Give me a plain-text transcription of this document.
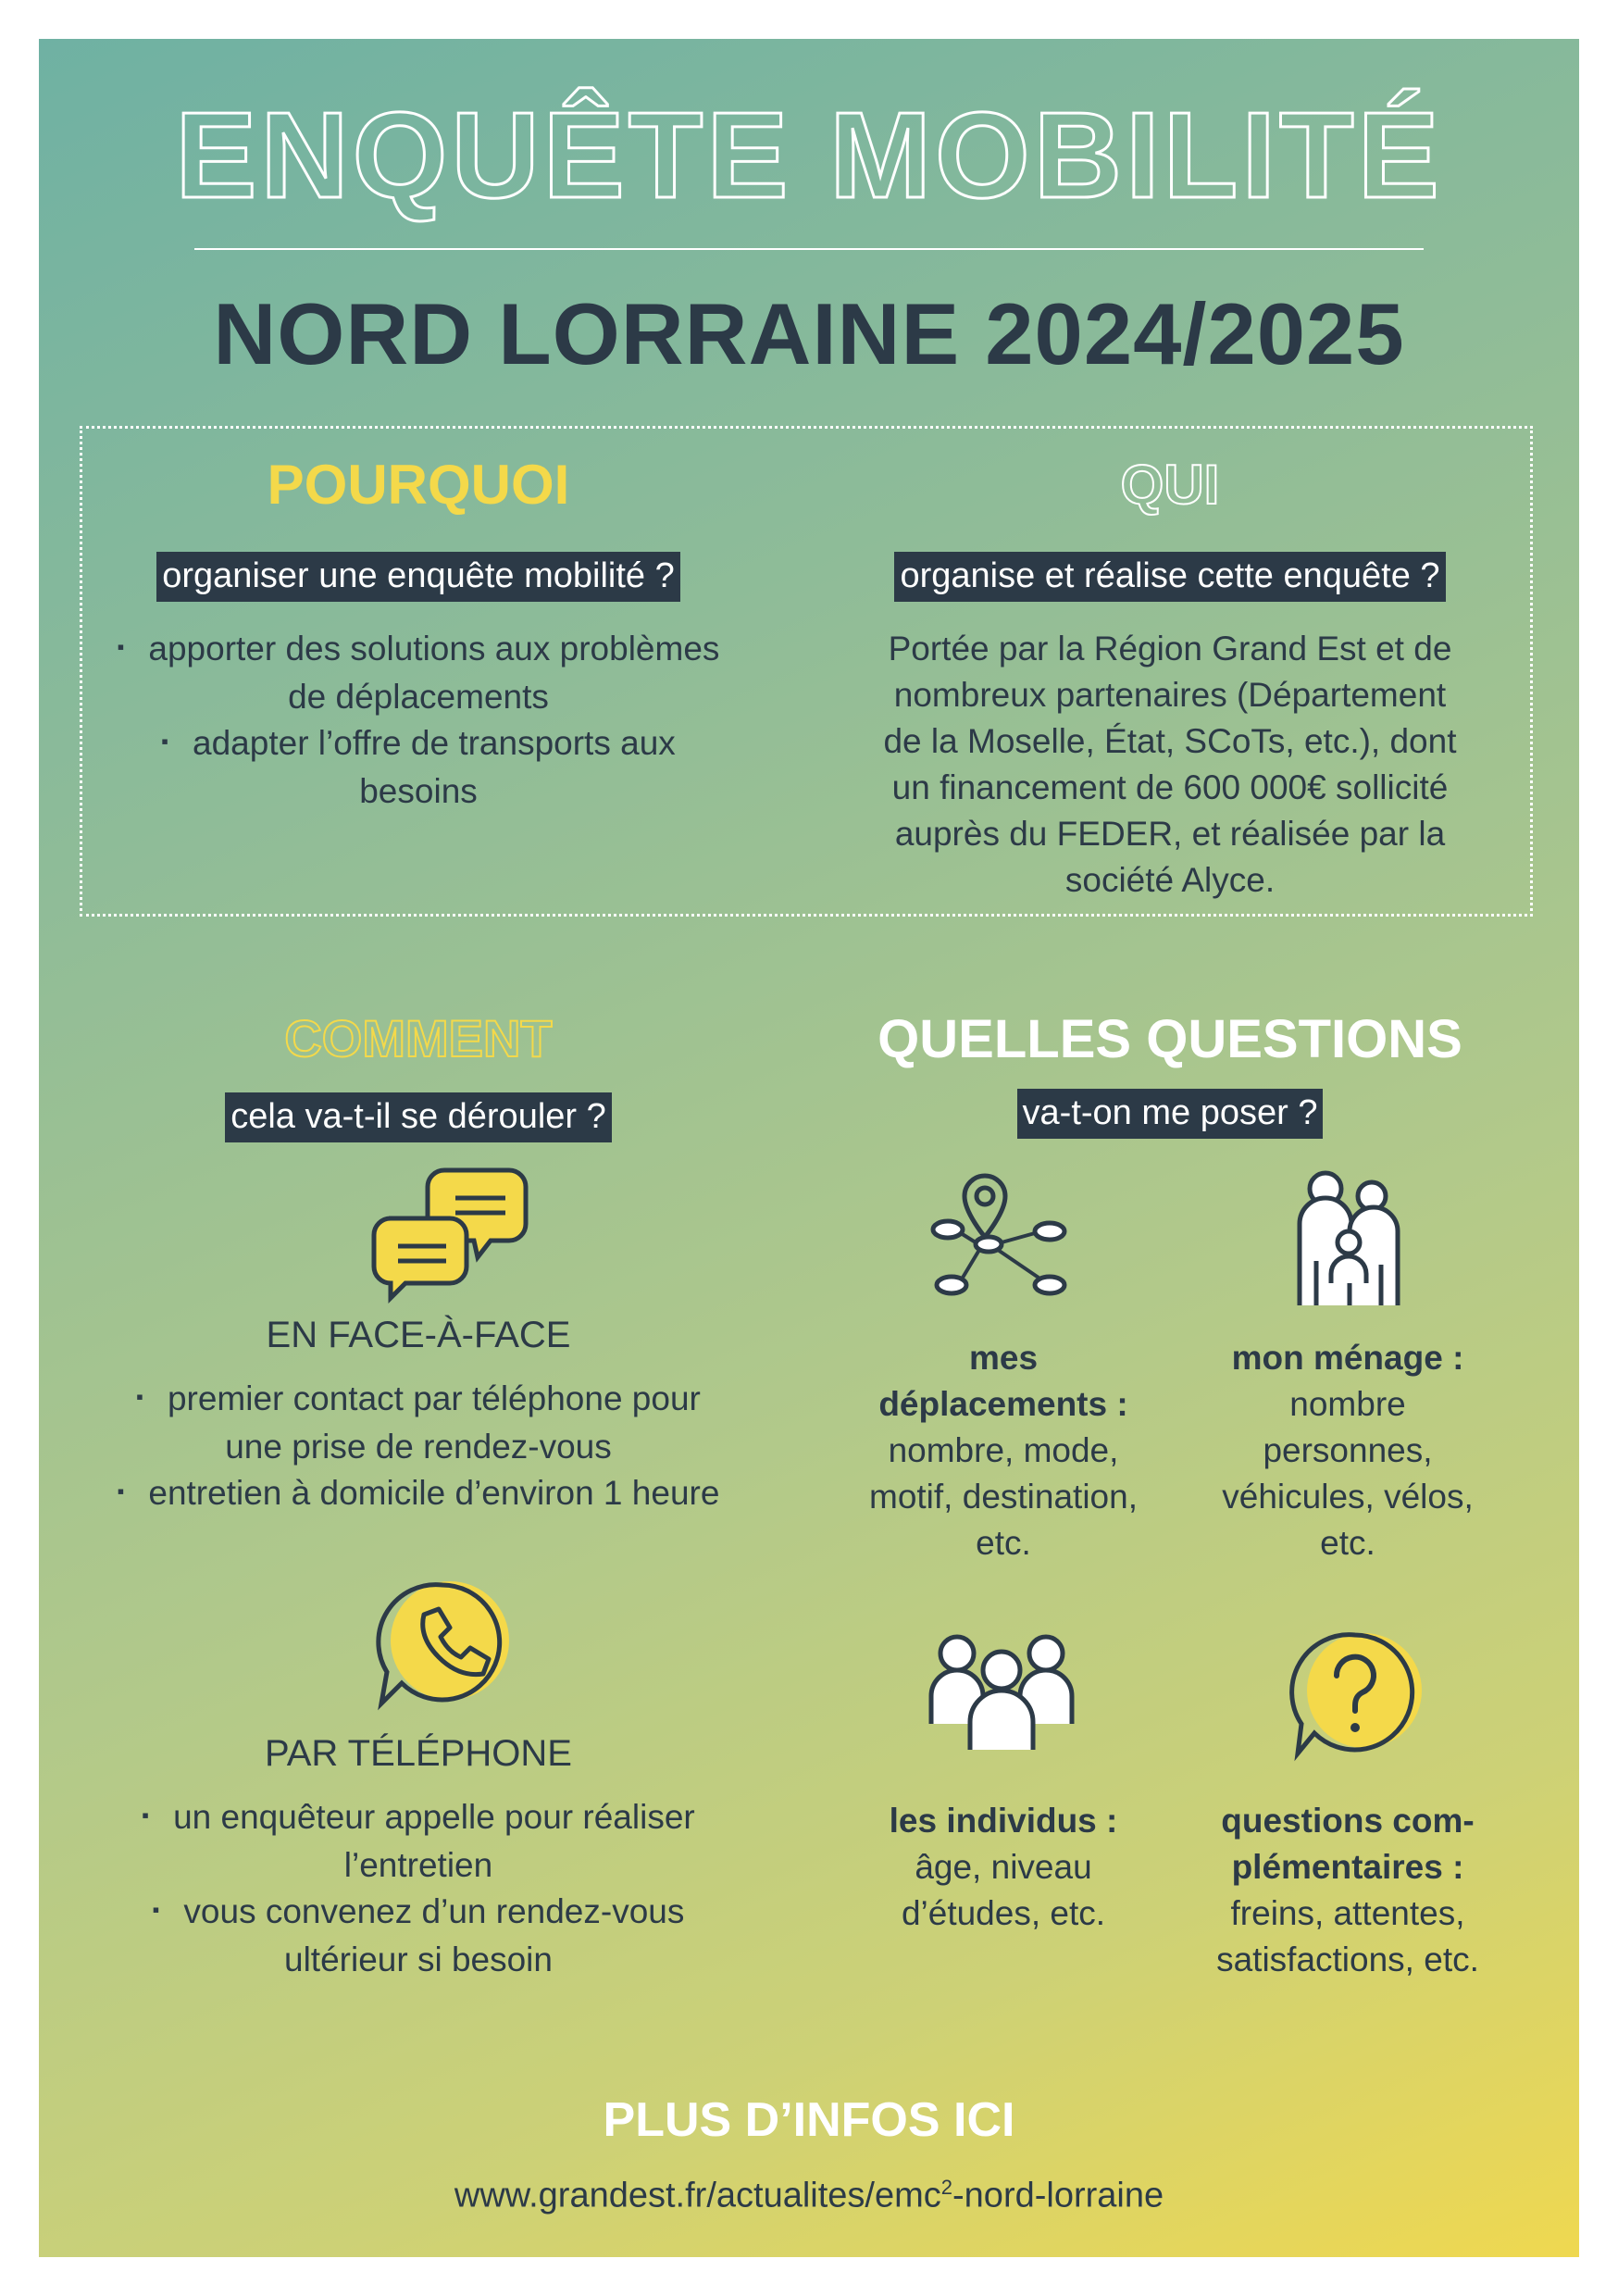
ENQUÊTE MOBILITÉ
NORD LORRAINE 2024/2025
POURQUOI
organiser une enquête mobilité ?
▪ apporter des solutions aux problèmes
de déplacements
▪ adapter l’offre de transports aux
besoins
QUI
organise et réalise cette enquête ?
Portée par la Région Grand Est et de
nombreux partenaires (Département
de la Moselle, État, SCoTs, etc.), dont
un financement de 600 000€ sollicité
auprès du FEDER, et réalisée par la
société Alyce.
COMMENT
cela va-t-il se dérouler ?
EN FACE-À-FACE
▪ premier contact par téléphone pour
une prise de rendez-vous
▪ entretien à domicile d’environ 1 heure
PAR TÉLÉPHONE
▪ un enquêteur appelle pour réaliser
l’entretien
▪ vous convenez d’un rendez-vous
ultérieur si besoin
QUELLES QUESTIONS
va-t-on me poser ?
mes
déplacements :
nombre, mode,
motif, destination,
etc.
mon ménage :
nombre
personnes,
véhicules, vélos,
etc.
les individus :
âge, niveau
d’études, etc.
questions com-
plémentaires :
freins, attentes,
satisfactions, etc.
PLUS D’INFOS ICI
www.grandest.fr/actualites/emc$^2$-nord-lorraine
